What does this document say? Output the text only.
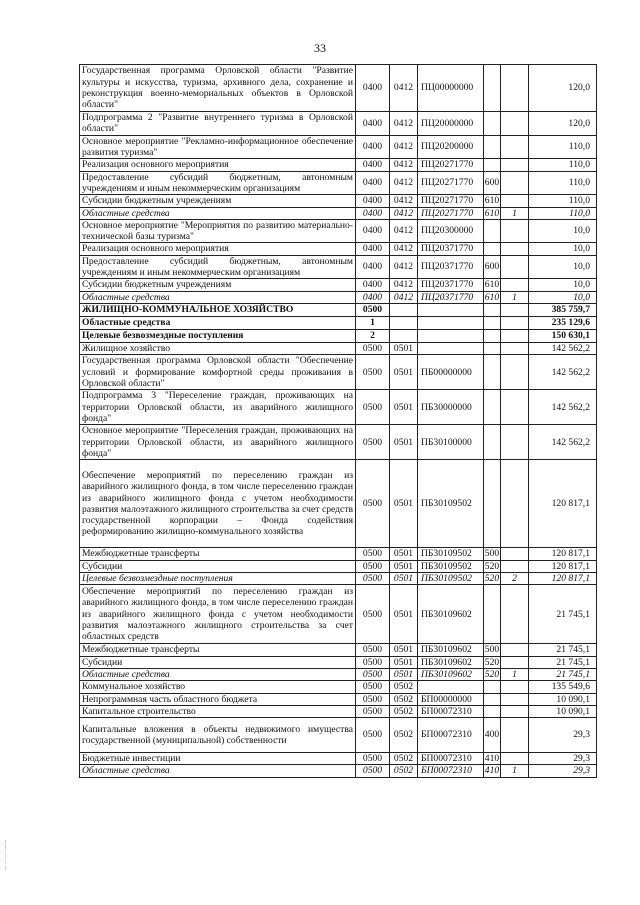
33
Государственная программа Орловской области "Развитие культуры и искусства, туризма, архивного дела, сохранение и реконструкция военно-мемориальных объектов в Орловской области"	0400	0412	ПЦ00000000			120,0
Подпрограмма 2 "Развитие внутреннего туризма в Орловской области"	0400	0412	ПЦ20000000			120,0
Основное мероприятие "Рекламно-информационное обеспечение развития туризма"	0400	0412	ПЦ20200000			110,0
Реализация основного мероприятия	0400	0412	ПЦ20271770			110,0
Предоставление субсидий бюджетным, автономным учреждениям и иным некоммерческим организациям	0400	0412	ПЦ20271770	600		110,0
Субсидии бюджетным учреждениям	0400	0412	ПЦ20271770	610		110,0
Областные средства	0400	0412	ПЦ20271770	610	1	110,0
Основное мероприятие "Мероприятия по развитию материально-технической базы туризма"	0400	0412	ПЦ20300000			10,0
Реализация основного мероприятия	0400	0412	ПЦ20371770			10,0
Предоставление субсидий бюджетным, автономным учреждениям и иным некоммерческим организациям	0400	0412	ПЦ20371770	600		10,0
Субсидии бюджетным учреждениям	0400	0412	ПЦ20371770	610		10,0
Областные средства	0400	0412	ПЦ20371770	610	1	10,0
ЖИЛИЩНО-КОММУНАЛЬНОЕ ХОЗЯЙСТВО	0500					385 759,7
Областные средства	1					235 129,6
Целевые безвозмездные поступления	2					150 630,1
Жилищное хозяйство	0500	0501				142 562,2
Государственная программа Орловской области "Обеспечение условий и формирование комфортной среды проживания в Орловской области"	0500	0501	ПБ00000000			142 562,2
Подпрограмма 3 "Переселение граждан, проживающих на территории Орловской области, из аварийного жилищного фонда"	0500	0501	ПБ30000000			142 562,2
Основное мероприятие "Переселения граждан, проживающих на территории Орловской области, из аварийного жилищного фонда"	0500	0501	ПБ30100000			142 562,2
Обеспечение мероприятий по переселению граждан из аварийного жилищного фонда, в том числе переселению граждан из аварийного жилищного фонда с учетом необходимости развития малоэтажного жилищного строительства за счет средств государственной корпорации – Фонда содействия реформированию жилищно-коммунального хозяйства	0500	0501	ПБ30109502			120 817,1
Межбюджетные трансферты	0500	0501	ПБ30109502	500		120 817,1
Субсидии	0500	0501	ПБ30109502	520		120 817,1
Целевые безвозмездные поступления	0500	0501	ПБ30109502	520	2	120 817,1
Обеспечение мероприятий по переселению граждан из аварийного жилищного фонда, в том числе переселению граждан из аварийного жилищного фонда с учетом необходимости развития малоэтажного жилищного строительства за счет областных средств	0500	0501	ПБ30109602			21 745,1
Межбюджетные трансферты	0500	0501	ПБ30109602	500		21 745,1
Субсидии	0500	0501	ПБ30109602	520		21 745,1
Областные средства	0500	0501	ПБ30109602	520	1	21 745,1
Коммунальное хозяйство	0500	0502				135 549,6
Непрограммная часть областного бюджета	0500	0502	БП00000000			10 090,1
Капитальное строительство	0500	0502	БП00072310			10 090,1
Капитальные вложения в объекты недвижимого имущества государственной (муниципальной) собственности	0500	0502	БП00072310	400		29,3
Бюджетные инвестиции	0500	0502	БП00072310	410		29,3
Областные средства	0500	0502	БП00072310	410	1	29,3
